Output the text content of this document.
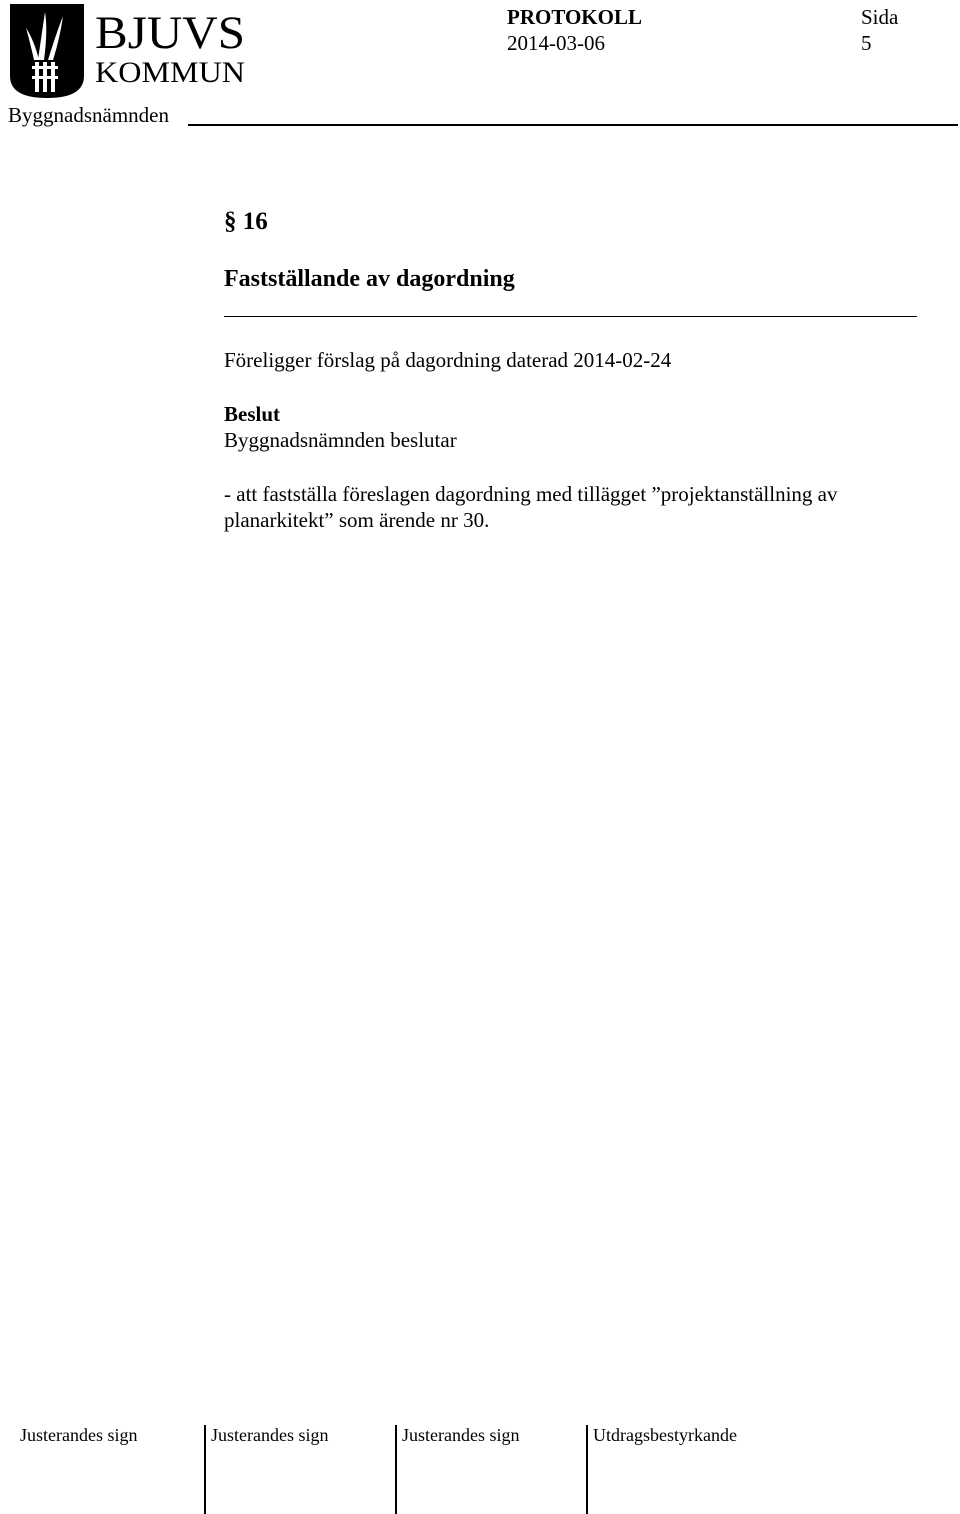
BJUVS
KOMMUN
PROTOKOLL
2014-03-06
Sida
5
Byggnadsnämnden
§ 16
Fastställande av dagordning
Föreligger förslag på dagordning daterad 2014-02-24
Beslut
Byggnadsnämnden beslutar
- att fastställa föreslagen dagordning med tillägget ”projektanställning av
planarkitekt” som ärende nr 30.
Justerandes sign	Justerandes sign	Justerandes sign	Utdragsbestyrkande
